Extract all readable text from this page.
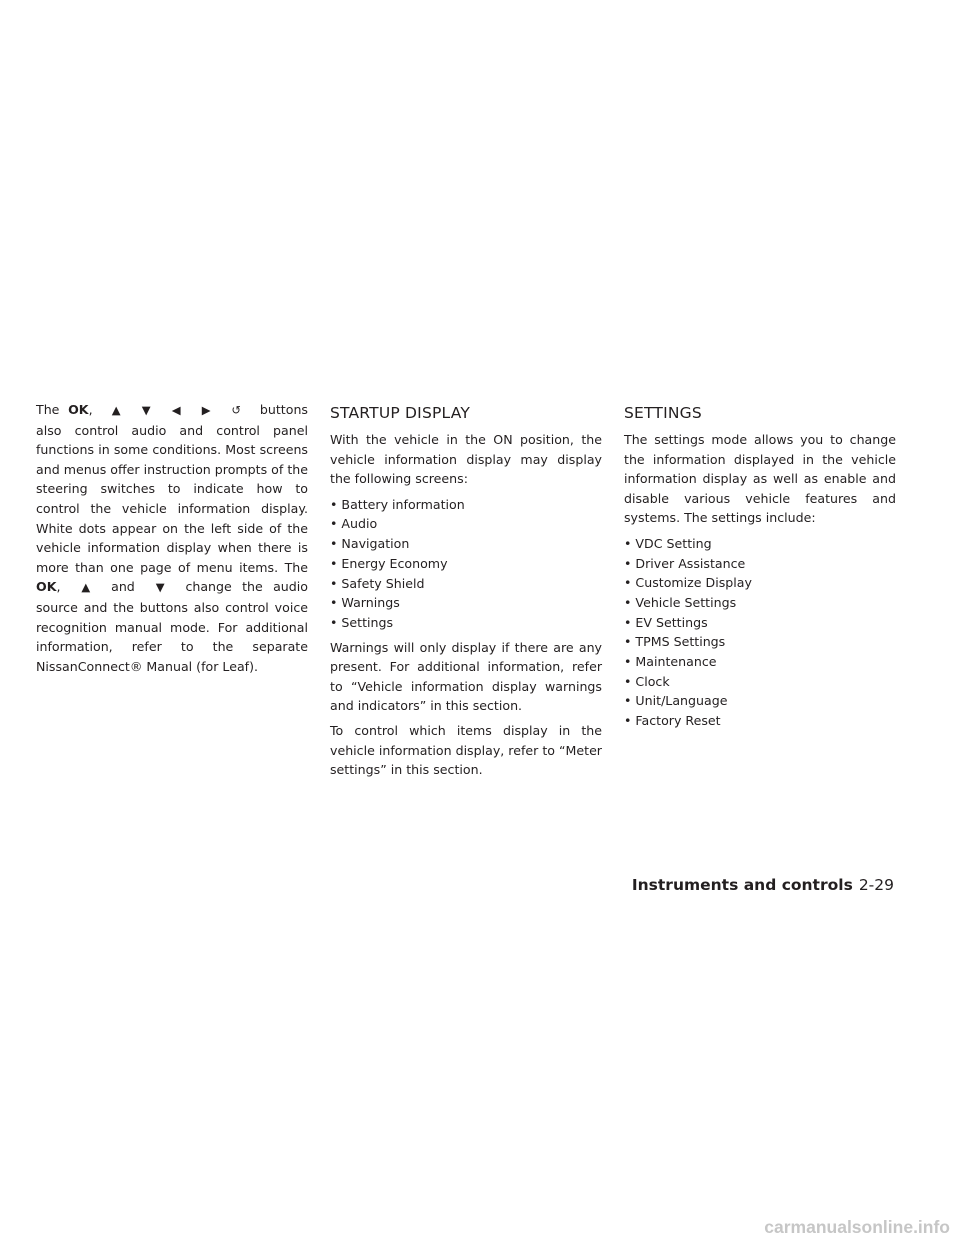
The OK, ▲ ▼ ◀ ▶ ↺ buttons also control audio and control panel functions in some conditions. Most screens and menus offer instruction prompts of the steering switches to indicate how to control the vehicle information display. White dots appear on the left side of the vehicle information display when there is more than one page of menu items. The OK, ▲ and ▼ change the audio source and the buttons also control voice recognition manual mode. For additional information, refer to the separate NissanConnect® Manual (for Leaf).

STARTUP DISPLAY

With the vehicle in the ON position, the vehicle information display may display the following screens:

• Battery information
• Audio
• Navigation
• Energy Economy
• Safety Shield
• Warnings
• Settings

Warnings will only display if there are any present. For additional information, refer to “Vehicle information display warnings and indicators” in this section.

To control which items display in the vehicle information display, refer to “Meter settings” in this section.

SETTINGS

The settings mode allows you to change the information displayed in the vehicle information display as well as enable and disable various vehicle features and systems. The settings include:

• VDC Setting
• Driver Assistance
• Customize Display
• Vehicle Settings
• EV Settings
• TPMS Settings
• Maintenance
• Clock
• Unit/Language
• Factory Reset
Instruments and controls 2-29
carmanualsonline.info
